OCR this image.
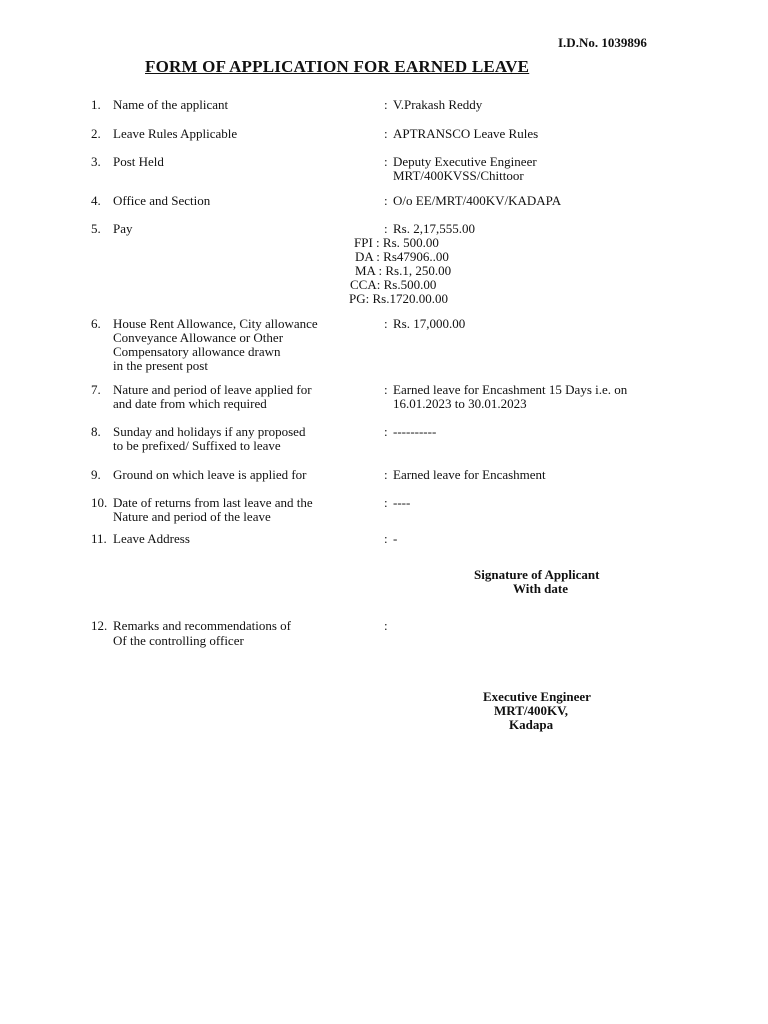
I.D.No. 1039896
FORM OF APPLICATION FOR EARNED LEAVE
1. Name of the applicant	: V.Prakash Reddy
2. Leave Rules Applicable	: APTRANSCO Leave Rules
3. Post Held	: Deputy Executive Engineer
MRT/400KVSS/Chittoor
4. Office and Section	: O/o EE/MRT/400KV/KADAPA
5. Pay	: Rs. 2,17,555.00
FPI : Rs. 500.00
DA : Rs47906..00
MA : Rs.1, 250.00
CCA: Rs.500.00
PG: Rs.1720.00.00
6. House Rent Allowance, City allowance
Conveyance Allowance or Other
Compensatory allowance drawn
in the present post
: Rs. 17,000.00
7. Nature and period of leave applied for
and date from which required
: Earned leave for Encashment 15 Days i.e. on
16.01.2023 to 30.01.2023
8. Sunday and holidays if any proposed
to be prefixed/ Suffixed to leave
: ----------
9. Ground on which leave is applied for	: Earned leave for Encashment
10. Date of returns from last leave and the
Nature and period of the leave
: ----
11. Leave Address	: -
Signature of Applicant
With date
12. Remarks and recommendations of
Of the controlling officer
:
Executive Engineer
MRT/400KV,
Kadapa
